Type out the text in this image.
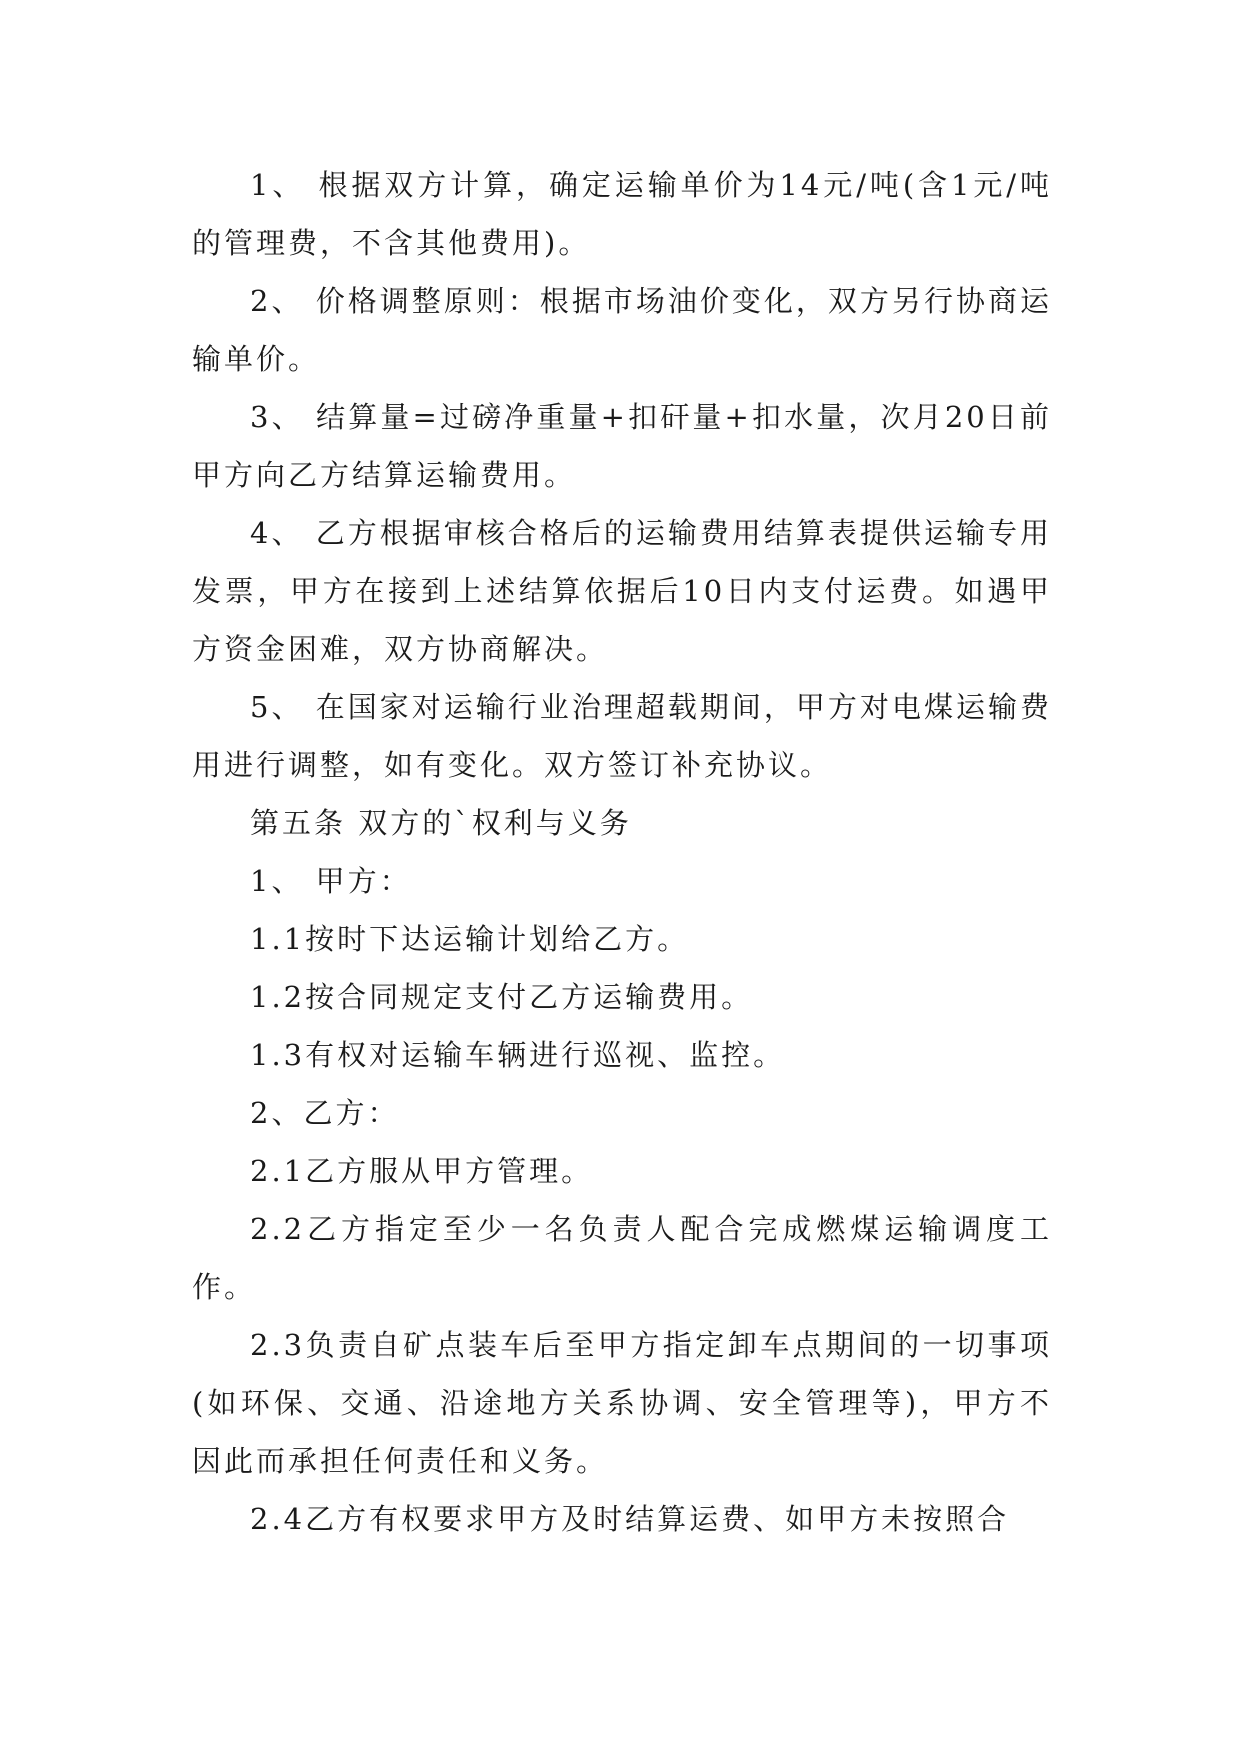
1、 根据双方计算，确定运输单价为14元/吨(含1元/吨的管理费，不含其他费用)。

2、 价格调整原则：根据市场油价变化，双方另行协商运输单价。

3、 结算量=过磅净重量+扣矸量+扣水量，次月20日前甲方向乙方结算运输费用。

4、 乙方根据审核合格后的运输费用结算表提供运输专用发票，甲方在接到上述结算依据后10日内支付运费。如遇甲方资金困难，双方协商解决。

5、 在国家对运输行业治理超载期间，甲方对电煤运输费用进行调整，如有变化。双方签订补充协议。

第五条 双方的`权利与义务

1、 甲方：

1.1按时下达运输计划给乙方。

1.2按合同规定支付乙方运输费用。

1.3有权对运输车辆进行巡视、监控。

2、乙方：

2.1乙方服从甲方管理。

2.2乙方指定至少一名负责人配合完成燃煤运输调度工作。

2.3负责自矿点装车后至甲方指定卸车点期间的一切事项(如环保、交通、沿途地方关系协调、安全管理等)，甲方不因此而承担任何责任和义务。

2.4乙方有权要求甲方及时结算运费、如甲方未按照合
